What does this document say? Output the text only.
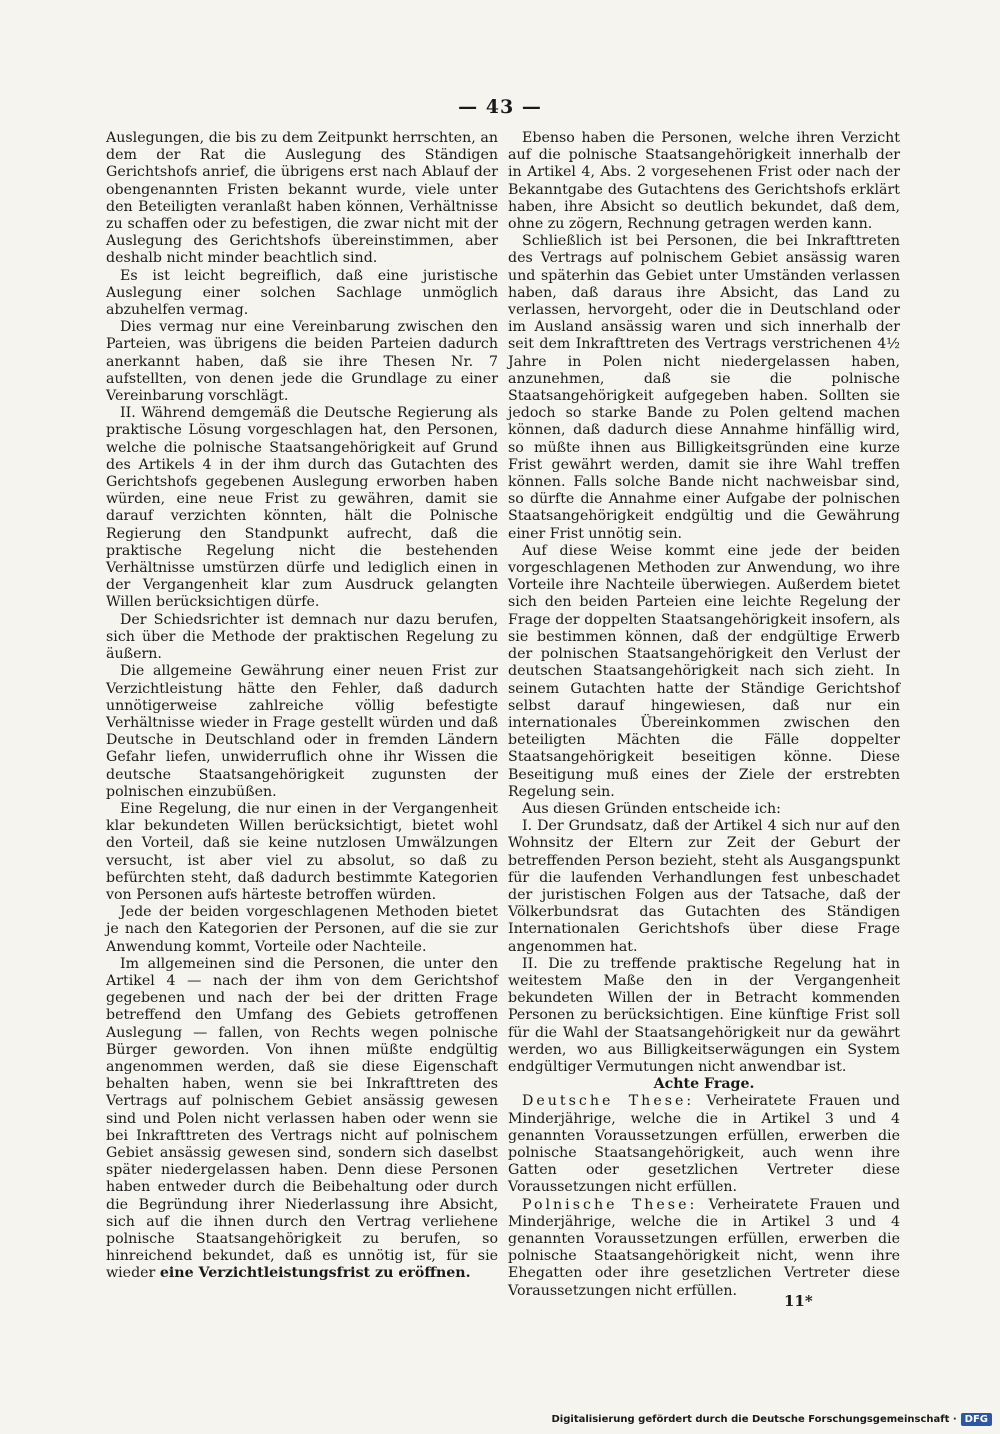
— 43 —

Auslegungen, die bis zu dem Zeitpunkt herrschten, an dem der Rat die Auslegung des Ständigen Gerichtshofs anrief, die übrigens erst nach Ablauf der obengenannten Fristen bekannt wurde, viele unter den Beteiligten veranlaßt haben können, Verhältnisse zu schaffen oder zu befestigen, die zwar nicht mit der Auslegung des Gerichtshofs übereinstimmen, aber deshalb nicht minder beachtlich sind.

Es ist leicht begreiflich, daß eine juristische Auslegung einer solchen Sachlage unmöglich abzuhelfen vermag.

Dies vermag nur eine Vereinbarung zwischen den Parteien, was übrigens die beiden Parteien dadurch anerkannt haben, daß sie ihre Thesen Nr. 7 aufstellten, von denen jede die Grundlage zu einer Vereinbarung vorschlägt.

II. Während demgemäß die Deutsche Regierung als praktische Lösung vorgeschlagen hat, den Personen, welche die polnische Staatsangehörigkeit auf Grund des Artikels 4 in der ihm durch das Gutachten des Gerichtshofs gegebenen Auslegung erworben haben würden, eine neue Frist zu gewähren, damit sie darauf verzichten könnten, hält die Polnische Regierung den Standpunkt aufrecht, daß die praktische Regelung nicht die bestehenden Verhältnisse umstürzen dürfe und lediglich einen in der Vergangenheit klar zum Ausdruck gelangten Willen berücksichtigen dürfe.

Der Schiedsrichter ist demnach nur dazu berufen, sich über die Methode der praktischen Regelung zu äußern.

Die allgemeine Gewährung einer neuen Frist zur Verzichtleistung hätte den Fehler, daß dadurch unnötigerweise zahlreiche völlig befestigte Verhältnisse wieder in Frage gestellt würden und daß Deutsche in Deutschland oder in fremden Ländern Gefahr liefen, unwiderruflich ohne ihr Wissen die deutsche Staatsangehörigkeit zugunsten der polnischen einzubüßen.

Eine Regelung, die nur einen in der Vergangenheit klar bekundeten Willen berücksichtigt, bietet wohl den Vorteil, daß sie keine nutzlosen Umwälzungen versucht, ist aber viel zu absolut, so daß zu befürchten steht, daß dadurch bestimmte Kategorien von Personen aufs härteste betroffen würden.

Jede der beiden vorgeschlagenen Methoden bietet je nach den Kategorien der Personen, auf die sie zur Anwendung kommt, Vorteile oder Nachteile.

Im allgemeinen sind die Personen, die unter den Artikel 4 — nach der ihm von dem Gerichtshof gegebenen und nach der bei der dritten Frage betreffend den Umfang des Gebiets getroffenen Auslegung — fallen, von Rechts wegen polnische Bürger geworden. Von ihnen müßte endgültig angenommen werden, daß sie diese Eigenschaft behalten haben, wenn sie bei Inkrafttreten des Vertrags auf polnischem Gebiet ansässig gewesen sind und Polen nicht verlassen haben oder wenn sie bei Inkrafttreten des Vertrags nicht auf polnischem Gebiet ansässig gewesen sind, sondern sich daselbst später niedergelassen haben. Denn diese Personen haben entweder durch die Beibehaltung oder durch die Begründung ihrer Niederlassung ihre Absicht, sich auf die ihnen durch den Vertrag verliehene polnische Staatsangehörigkeit zu berufen, so hinreichend bekundet, daß es unnötig ist, für sie wieder eine Verzichtleistungsfrist zu eröffnen.

Ebenso haben die Personen, welche ihren Verzicht auf die polnische Staatsangehörigkeit innerhalb der in Artikel 4, Abs. 2 vorgesehenen Frist oder nach der Bekanntgabe des Gutachtens des Gerichtshofs erklärt haben, ihre Absicht so deutlich bekundet, daß dem, ohne zu zögern, Rechnung getragen werden kann.

Schließlich ist bei Personen, die bei Inkrafttreten des Vertrags auf polnischem Gebiet ansässig waren und späterhin das Gebiet unter Umständen verlassen haben, daß daraus ihre Absicht, das Land zu verlassen, hervorgeht, oder die in Deutschland oder im Ausland ansässig waren und sich innerhalb der seit dem Inkrafttreten des Vertrags verstrichenen 4½ Jahre in Polen nicht niedergelassen haben, anzunehmen, daß sie die polnische Staatsangehörigkeit aufgegeben haben. Sollten sie jedoch so starke Bande zu Polen geltend machen können, daß dadurch diese Annahme hinfällig wird, so müßte ihnen aus Billigkeitsgründen eine kurze Frist gewährt werden, damit sie ihre Wahl treffen können. Falls solche Bande nicht nachweisbar sind, so dürfte die Annahme einer Aufgabe der polnischen Staatsangehörigkeit endgültig und die Gewährung einer Frist unnötig sein.

Auf diese Weise kommt eine jede der beiden vorgeschlagenen Methoden zur Anwendung, wo ihre Vorteile ihre Nachteile überwiegen. Außerdem bietet sich den beiden Parteien eine leichte Regelung der Frage der doppelten Staatsangehörigkeit insofern, als sie bestimmen können, daß der endgültige Erwerb der polnischen Staatsangehörigkeit den Verlust der deutschen Staatsangehörigkeit nach sich zieht. In seinem Gutachten hatte der Ständige Gerichtshof selbst darauf hingewiesen, daß nur ein internationales Übereinkommen zwischen den beteiligten Mächten die Fälle doppelter Staatsangehörigkeit beseitigen könne. Diese Beseitigung muß eines der Ziele der erstrebten Regelung sein.

Aus diesen Gründen entscheide ich:

I. Der Grundsatz, daß der Artikel 4 sich nur auf den Wohnsitz der Eltern zur Zeit der Geburt der betreffenden Person bezieht, steht als Ausgangspunkt für die laufenden Verhandlungen fest unbeschadet der juristischen Folgen aus der Tatsache, daß der Völkerbundsrat das Gutachten des Ständigen Internationalen Gerichtshofs über diese Frage angenommen hat.

II. Die zu treffende praktische Regelung hat in weitestem Maße den in der Vergangenheit bekundeten Willen der in Betracht kommenden Personen zu berücksichtigen. Eine künftige Frist soll für die Wahl der Staatsangehörigkeit nur da gewährt werden, wo aus Billigkeitserwägungen ein System endgültiger Vermutungen nicht anwendbar ist.

Achte Frage.

Deutsche These: Verheiratete Frauen und Minderjährige, welche die in Artikel 3 und 4 genannten Voraussetzungen erfüllen, erwerben die polnische Staatsangehörigkeit, auch wenn ihre Gatten oder gesetzlichen Vertreter diese Voraussetzungen nicht erfüllen.

Polnische These: Verheiratete Frauen und Minderjährige, welche die in Artikel 3 und 4 genannten Voraussetzungen erfüllen, erwerben die polnische Staatsangehörigkeit nicht, wenn ihre Ehegatten oder ihre gesetzlichen Vertreter diese Voraussetzungen nicht erfüllen.

11*
Digitalisierung gefördert durch die Deutsche Forschungsgemeinschaft · DFG
